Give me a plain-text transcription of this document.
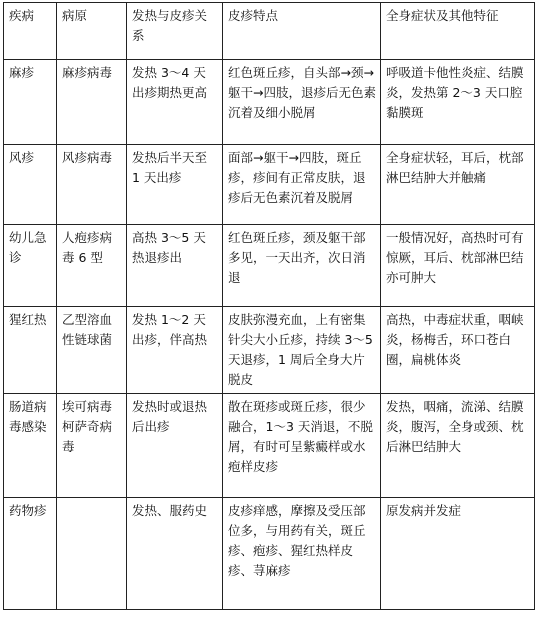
疾病	病原	发热与皮疹关系	皮疹特点	全身症状及其他特征
麻疹	麻疹病毒	发热 3～4 天出疹期热更高	红色斑丘疹，自头部→颈→躯干→四肢，退疹后无色素沉着及细小脱屑	呼吸道卡他性炎症、结膜炎，发热第 2～3 天口腔黏膜斑
风疹	风疹病毒	发热后半天至 1 天出疹	面部→躯干→四肢，斑丘疹，疹间有正常皮肤，退疹后无色素沉着及脱屑	全身症状轻，耳后，枕部淋巴结肿大并触痛
幼儿急诊	人疱疹病毒 6 型	高热 3～5 天热退疹出	红色斑丘疹，颈及躯干部多见，一天出齐，次日消退	一般情况好，高热时可有惊厥，耳后、枕部淋巴结亦可肿大
猩红热	乙型溶血性链球菌	发热 1～2 天出疹，伴高热	皮肤弥漫充血，上有密集针尖大小丘疹，持续 3～5 天退疹，1 周后全身大片脱皮	高热，中毒症状重，咽峡炎，杨梅舌，环口苍白圈，扁桃体炎
肠道病毒感染	埃可病毒柯萨奇病毒	发热时或退热后出疹	散在斑疹或斑丘疹，很少融合，1～3 天消退，不脱屑，有时可呈紫癜样或水疱样皮疹	发热，咽痛，流涕、结膜炎，腹泻，全身或颈、枕后淋巴结肿大
药物疹		发热、服药史	皮疹痒感，摩擦及受压部位多，与用药有关，斑丘疹、疱疹、猩红热样皮疹、荨麻疹	原发病并发症
